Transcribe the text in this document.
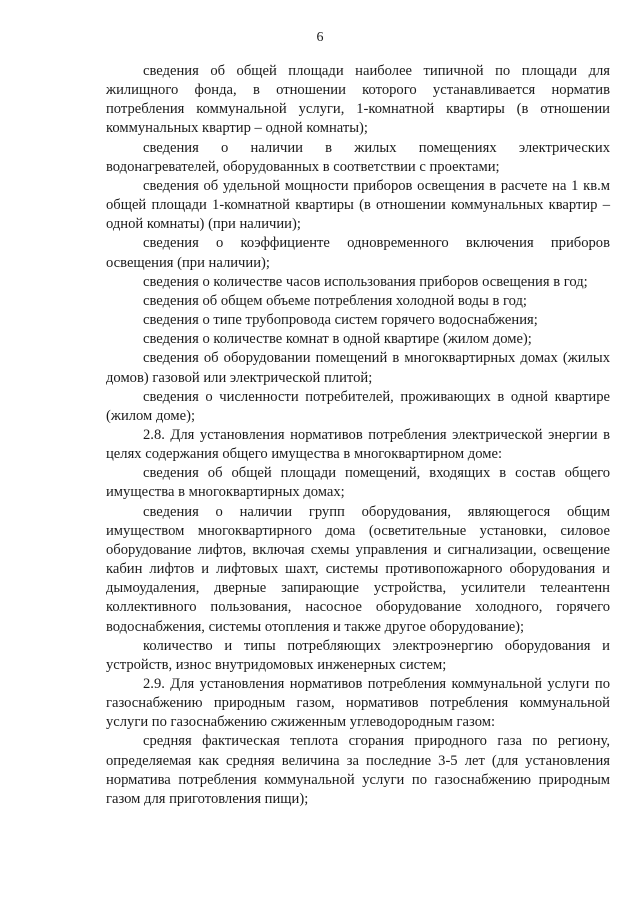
6

сведения об общей площади наиболее типичной по площади для жилищного фонда, в отношении которого устанавливается норматив потребления коммунальной услуги, 1-комнатной квартиры (в отношении коммунальных квартир – одной комнаты);

сведения о наличии в жилых помещениях электрических водонагревателей, оборудованных в соответствии с проектами;

сведения об удельной мощности приборов освещения в расчете на 1 кв.м общей площади 1-комнатной квартиры (в отношении коммунальных квартир – одной комнаты) (при наличии);

сведения о коэффициенте одновременного включения приборов освещения (при наличии);

сведения о количестве часов использования приборов освещения в год;

сведения об общем объеме потребления холодной воды в год;

сведения о типе трубопровода систем горячего водоснабжения;

сведения о количестве комнат в одной квартире (жилом доме);

сведения об оборудовании помещений в многоквартирных домах (жилых домов) газовой или электрической плитой;

сведения о численности потребителей, проживающих в одной квартире (жилом доме);

2.8. Для установления нормативов потребления электрической энергии в целях содержания общего имущества в многоквартирном доме:

сведения об общей площади помещений, входящих в состав общего имущества в многоквартирных домах;

сведения о наличии групп оборудования, являющегося общим имуществом многоквартирного дома (осветительные установки, силовое оборудование лифтов, включая схемы управления и сигнализации, освещение кабин лифтов и лифтовых шахт, системы противопожарного оборудования и дымоудаления, дверные запирающие устройства, усилители телеантенн коллективного пользования, насосное оборудование холодного, горячего водоснабжения, системы отопления и также другое оборудование);

количество и типы потребляющих электроэнергию оборудования и устройств, износ внутридомовых инженерных систем;

2.9. Для установления нормативов потребления коммунальной услуги по газоснабжению природным газом, нормативов потребления коммунальной услуги по газоснабжению сжиженным углеводородным газом:

средняя фактическая теплота сгорания природного газа по региону, определяемая как средняя величина за последние 3-5 лет (для установления норматива потребления коммунальной услуги по газоснабжению природным газом для приготовления пищи);
